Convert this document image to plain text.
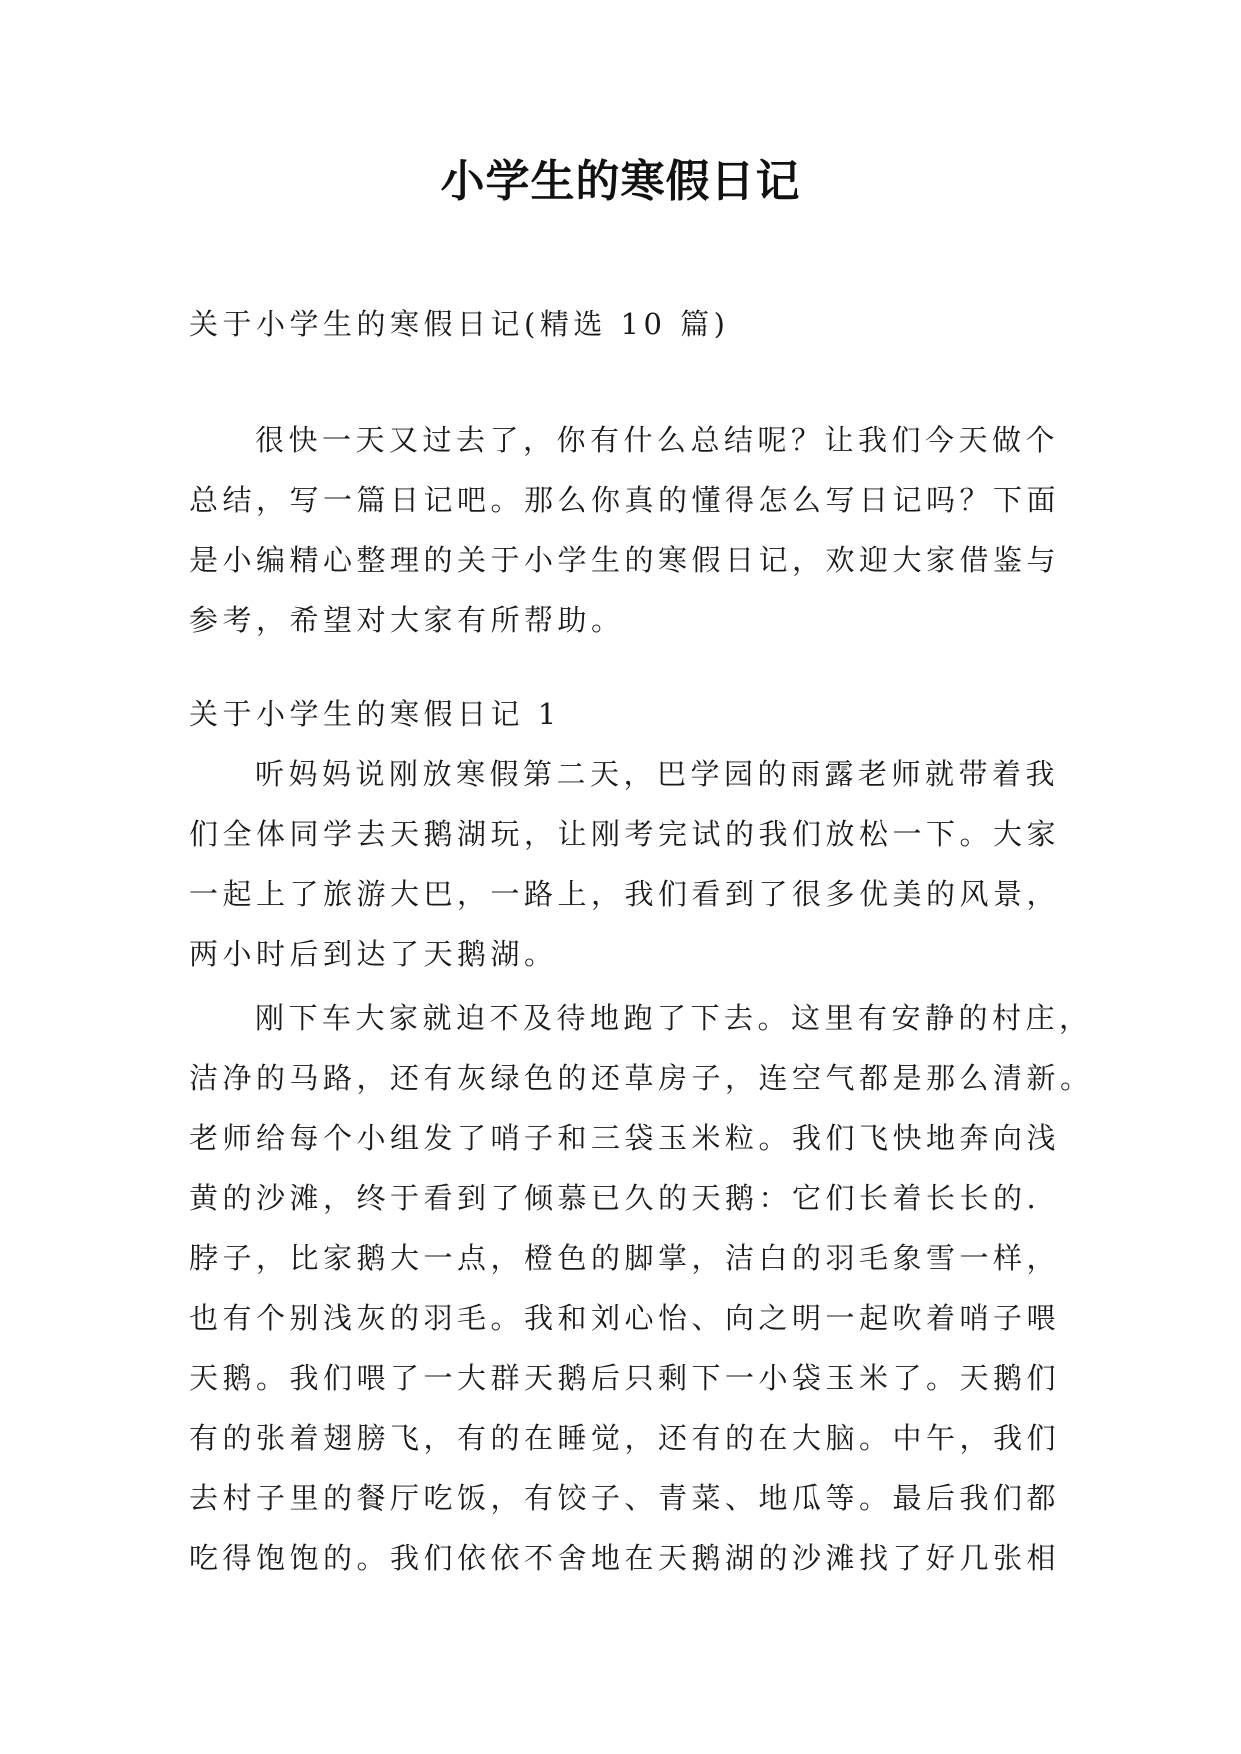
小学生的寒假日记
关于小学生的寒假日记(精选 10 篇)
很快一天又过去了，你有什么总结呢？让我们今天做个
总结，写一篇日记吧。那么你真的懂得怎么写日记吗？下面
是小编精心整理的关于小学生的寒假日记，欢迎大家借鉴与
参考，希望对大家有所帮助。
关于小学生的寒假日记 1
听妈妈说刚放寒假第二天，巴学园的雨露老师就带着我
们全体同学去天鹅湖玩，让刚考完试的我们放松一下。大家
一起上了旅游大巴，一路上，我们看到了很多优美的风景，
两小时后到达了天鹅湖。
刚下车大家就迫不及待地跑了下去。这里有安静的村庄，
洁净的马路，还有灰绿色的还草房子，连空气都是那么清新。
老师给每个小组发了哨子和三袋玉米粒。我们飞快地奔向浅
黄的沙滩，终于看到了倾慕已久的天鹅：它们长着长长的.
脖子，比家鹅大一点，橙色的脚掌，洁白的羽毛象雪一样，
也有个别浅灰的羽毛。我和刘心怡、向之明一起吹着哨子喂
天鹅。我们喂了一大群天鹅后只剩下一小袋玉米了。天鹅们
有的张着翅膀飞，有的在睡觉，还有的在大脑。中午，我们
去村子里的餐厅吃饭，有饺子、青菜、地瓜等。最后我们都
吃得饱饱的。我们依依不舍地在天鹅湖的沙滩找了好几张相
